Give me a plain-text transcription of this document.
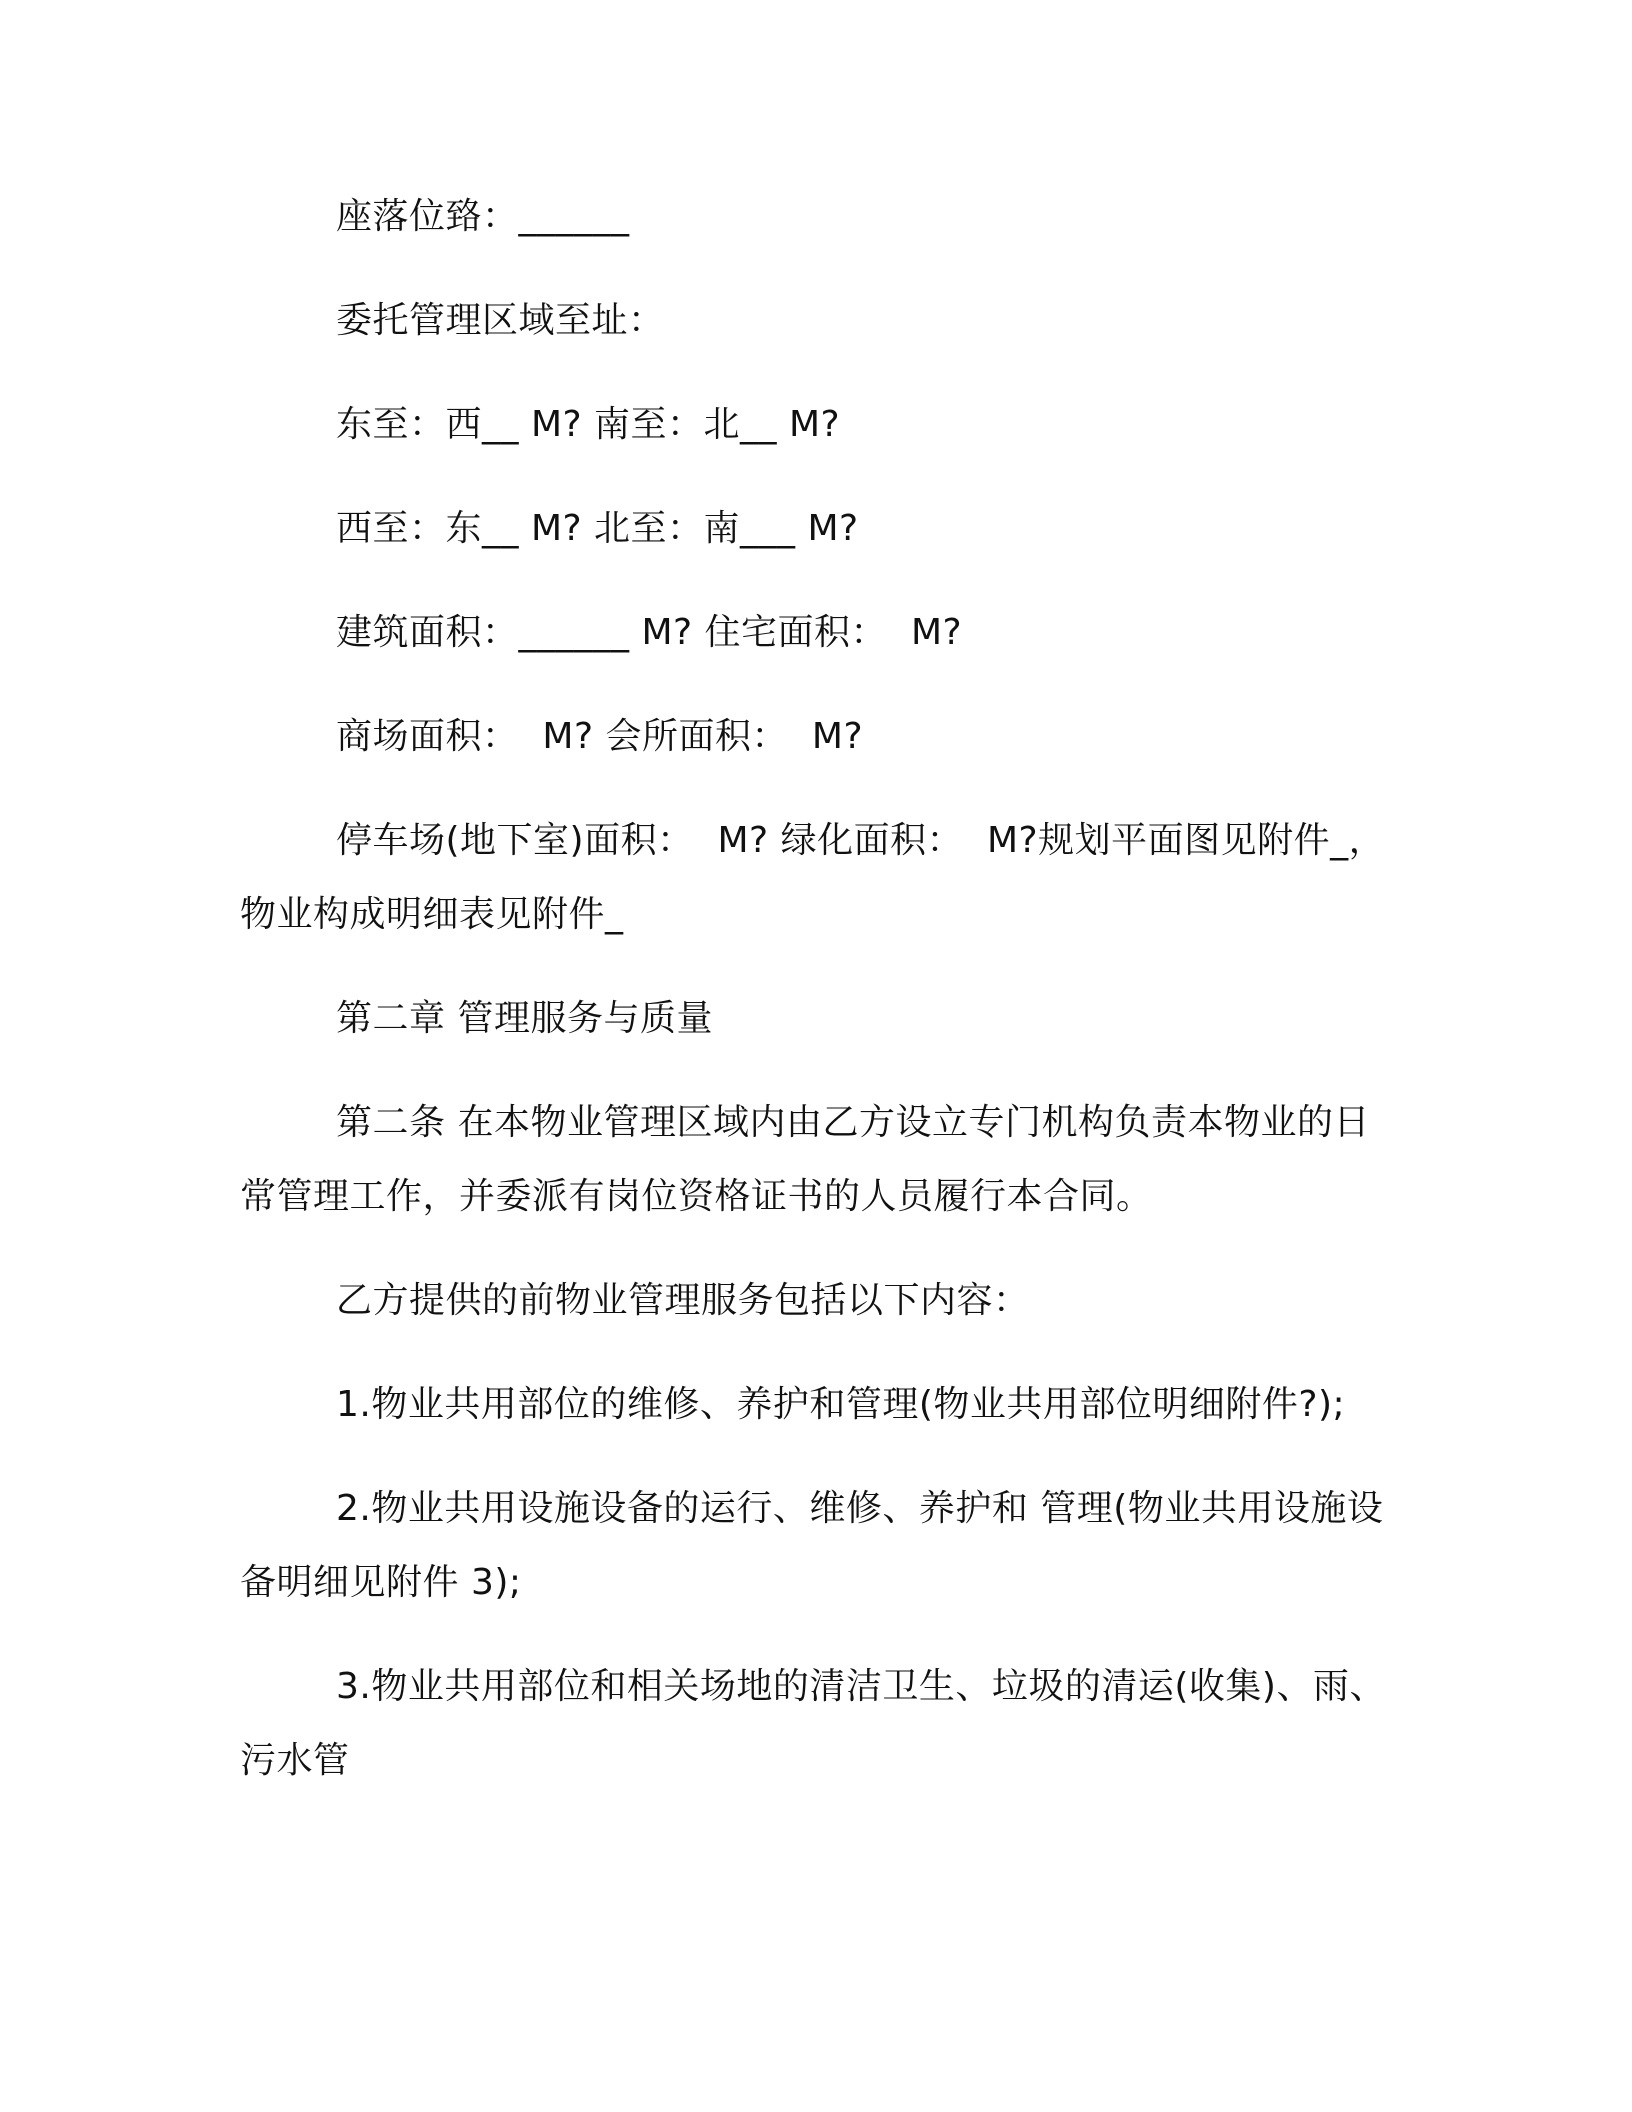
座落位臵：______

委托管理区域至址：

东至：西__ M? 南至：北__ M?

西至：东__ M? 北至：南___ M?

建筑面积：______ M? 住宅面积：  M?

商场面积：  M? 会所面积：  M?

停车场(地下室)面积：  M? 绿化面积：  M?规划平面图见附件_，物业构成明细表见附件_

第二章 管理服务与质量

第二条 在本物业管理区域内由乙方设立专门机构负责本物业的日常管理工作，并委派有岗位资格证书的人员履行本合同。

乙方提供的前物业管理服务包括以下内容：

1.物业共用部位的维修、养护和管理(物业共用部位明细附件?);

2.物业共用设施设备的运行、维修、养护和 管理(物业共用设施设备明细见附件 3);

3.物业共用部位和相关场地的清洁卫生、垃圾的清运(收集)、雨、污水管
